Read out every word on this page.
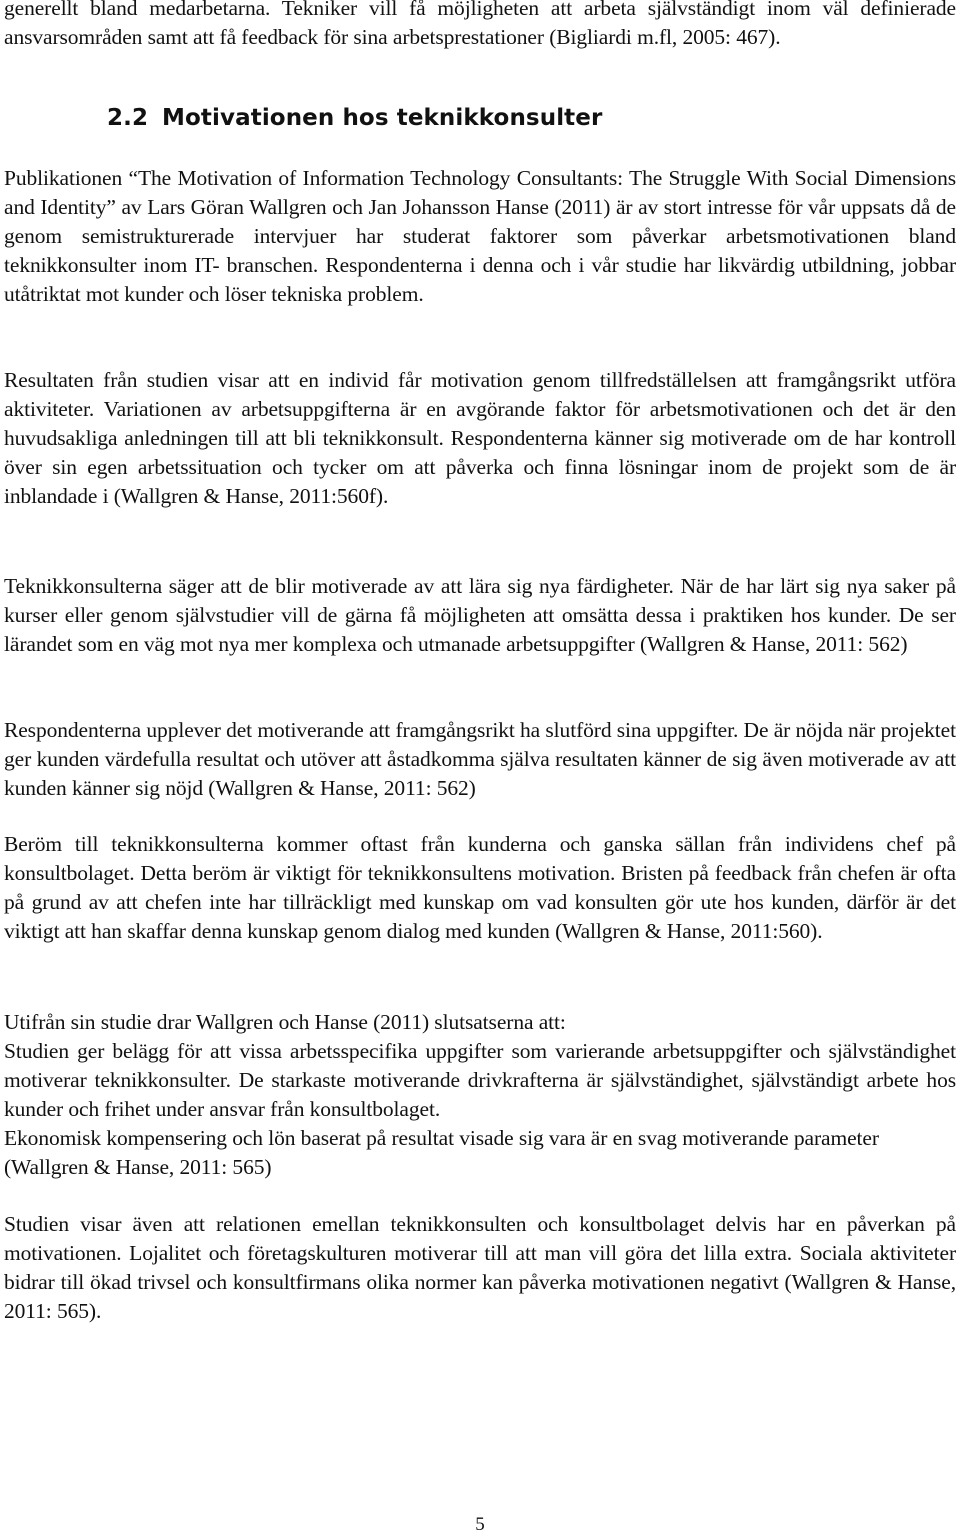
generellt bland medarbetarna. Tekniker vill få möjligheten att arbeta självständigt inom väl definierade ansvarsområden samt att få feedback för sina arbetsprestationer (Bigliardi m.fl, 2005: 467).

2.2 Motivationen hos teknikkonsulter

Publikationen “The Motivation of Information Technology Consultants: The Struggle With Social Dimensions and Identity” av Lars Göran Wallgren och Jan Johansson Hanse (2011) är av stort intresse för vår uppsats då de genom semistrukturerade intervjuer har studerat faktorer som påverkar arbetsmotivationen bland teknikkonsulter inom IT- branschen. Respondenterna i denna och i vår studie har likvärdig utbildning, jobbar utåtriktat mot kunder och löser tekniska problem.

Resultaten från studien visar att en individ får motivation genom tillfredställelsen att framgångsrikt utföra aktiviteter. Variationen av arbetsuppgifterna är en avgörande faktor för arbetsmotivationen och det är den huvudsakliga anledningen till att bli teknikkonsult. Respondenterna känner sig motiverade om de har kontroll över sin egen arbetssituation och tycker om att påverka och finna lösningar inom de projekt som de är inblandade i (Wallgren & Hanse, 2011:560f).

Teknikkonsulterna säger att de blir motiverade av att lära sig nya färdigheter. När de har lärt sig nya saker på kurser eller genom självstudier vill de gärna få möjligheten att omsätta dessa i praktiken hos kunder. De ser lärandet som en väg mot nya mer komplexa och utmanade arbetsuppgifter (Wallgren & Hanse, 2011: 562)

Respondenterna upplever det motiverande att framgångsrikt ha slutförd sina uppgifter. De är nöjda när projektet ger kunden värdefulla resultat och utöver att åstadkomma själva resultaten känner de sig även motiverade av att kunden känner sig nöjd (Wallgren & Hanse, 2011: 562)

Beröm till teknikkonsulterna kommer oftast från kunderna och ganska sällan från individens chef på konsultbolaget. Detta beröm är viktigt för teknikkonsultens motivation. Bristen på feedback från chefen är ofta på grund av att chefen inte har tillräckligt med kunskap om vad konsulten gör ute hos kunden, därför är det viktigt att han skaffar denna kunskap genom dialog med kunden (Wallgren & Hanse, 2011:560).

Utifrån sin studie drar Wallgren och Hanse (2011) slutsatserna att:

Studien ger belägg för att vissa arbetsspecifika uppgifter som varierande arbetsuppgifter och självständighet motiverar teknikkonsulter. De starkaste motiverande drivkrafterna är självständighet, självständigt arbete hos kunder och frihet under ansvar från konsultbolaget.

Ekonomisk kompensering och lön baserat på resultat visade sig vara är en svag motiverande parameter (Wallgren & Hanse, 2011: 565)

Studien visar även att relationen emellan teknikkonsulten och konsultbolaget delvis har en påverkan på motivationen. Lojalitet och företagskulturen motiverar till att man vill göra det lilla extra. Sociala aktiviteter bidrar till ökad trivsel och konsultfirmans olika normer kan påverka motivationen negativt (Wallgren & Hanse, 2011: 565).

5
